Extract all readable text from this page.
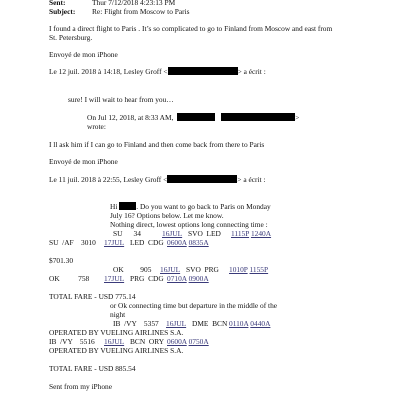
Sent:	Thur 7/12/2018 4:23:13 PM
Subject: Re: Flight from Moscow to Paris
I found a direct flight to Paris . It’s so complicated to go to Finland from Moscow and east from
St. Petersburg.
Envoyé de mon iPhone
Le 12 juil. 2018 à 14:18, Lesley Groff <	> a écrit :
sure! I will wait to hear from you…
On Jul 12, 2018, at 8:33 AM,	>
wrote:
I ll ask him if I can go to Finland and then come back from there to Paris
Envoyé de mon iPhone
Le 11 juil. 2018 à 22:55, Lesley Groff <	> a écrit :
Hi	. Do you want to go back to Paris on Monday
July 16? Options below. Let me know.
Nothing direct, lowest options long connecting time :
SU      34	16JUL SVO  LED 1115P 1240A
SU  /AF    3010 17JUL LED  CDG 0600A 0835A
$701.30
OK         905 16JUL SVO  PRG 1010P 1155P
OK          758 17JUL PRG  CDG 0710A 0900A
TOTAL FARE - USD 775.14
or Ok connecting time but departure in the middle of the
night
IB  /VY    5357 16JUL DME  BCN 0110A 0440A
OPERATED BY VUELING AIRLINES S.A.
IB  /VY    5516 16JUL BCN  ORY 0600A 0750A
OPERATED BY VUELING AIRLINES S.A.
TOTAL FARE - USD 885.54
Sent from my iPhone
